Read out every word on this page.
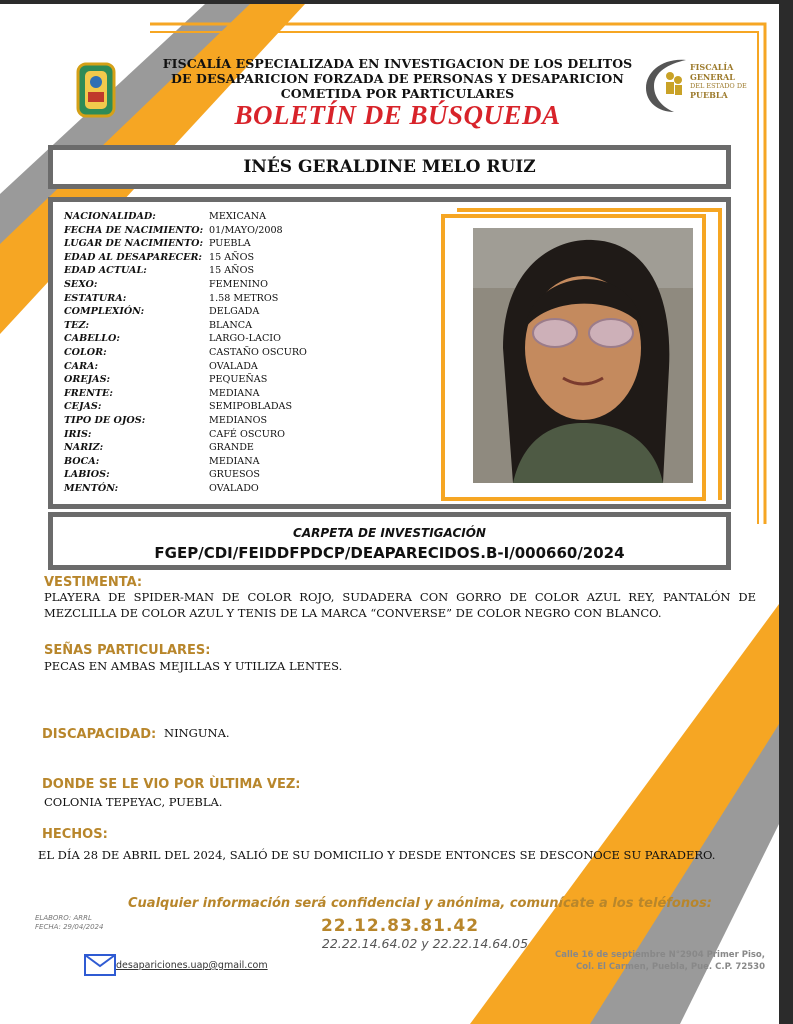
FISCALÍA GENERAL
DEL ESTADO DE
PUEBLA
FISCALÍA ESPECIALIZADA EN INVESTIGACION DE LOS DELITOS
DE DESAPARICION FORZADA DE PERSONAS Y DESAPARICION
COMETIDA POR PARTICULARES
BOLETÍN DE BÚSQUEDA
INÉS GERALDINE MELO RUIZ
NACIONALIDAD:
FECHA DE NACIMIENTO:
LUGAR DE NACIMIENTO:
EDAD AL DESAPARECER:
EDAD ACTUAL:
SEXO:
ESTATURA:
COMPLEXIÓN:
TEZ:
CABELLO:
COLOR:
CARA:
OREJAS:
FRENTE:
CEJAS:
TIPO DE OJOS:
IRIS:
NARIZ:
BOCA:
LABIOS:
MENTÓN:
MEXICANA
01/MAYO/2008
PUEBLA
15 AÑOS
15 AÑOS
FEMENINO
1.58 METROS
DELGADA
BLANCA
LARGO-LACIO
CASTAÑO OSCURO
OVALADA
PEQUEÑAS
MEDIANA
SEMIPOBLADAS
MEDIANOS
CAFÉ OSCURO
GRANDE
MEDIANA
GRUESOS
OVALADO
CARPETA DE INVESTIGACIÓN
FGEP/CDI/FEIDDFPDCP/DEAPARECIDOS.B-I/000660/2024
VESTIMENTA:
PLAYERA DE SPIDER-MAN DE COLOR ROJO, SUDADERA CON GORRO DE COLOR AZUL REY, PANTALÓN DE MEZCLILLA DE COLOR AZUL Y TENIS DE LA MARCA “CONVERSE” DE COLOR NEGRO CON BLANCO.
SEÑAS PARTICULARES:
PECAS EN AMBAS MEJILLAS Y UTILIZA LENTES.
DISCAPACIDAD: NINGUNA.
DONDE SE LE VIO POR ÙLTIMA VEZ:
COLONIA TEPEYAC, PUEBLA.
HECHOS:
EL DÍA 28 DE ABRIL DEL 2024, SALIÓ DE SU DOMICILIO Y DESDE ENTONCES SE DESCONOCE SU PARADERO.
Cualquier información será confidencial y anónima, comunícate a los teléfonos:
22.12.83.81.42
22.22.14.64.02 y 22.22.14.64.05
ELABORO: ARRL
FECHA: 29/04/2024
desapariciones.uap@gmail.com
Calle 16 de septiembre N°2904 Primer Piso,
Col. El Carmen, Puebla, Pue. C.P. 72530
